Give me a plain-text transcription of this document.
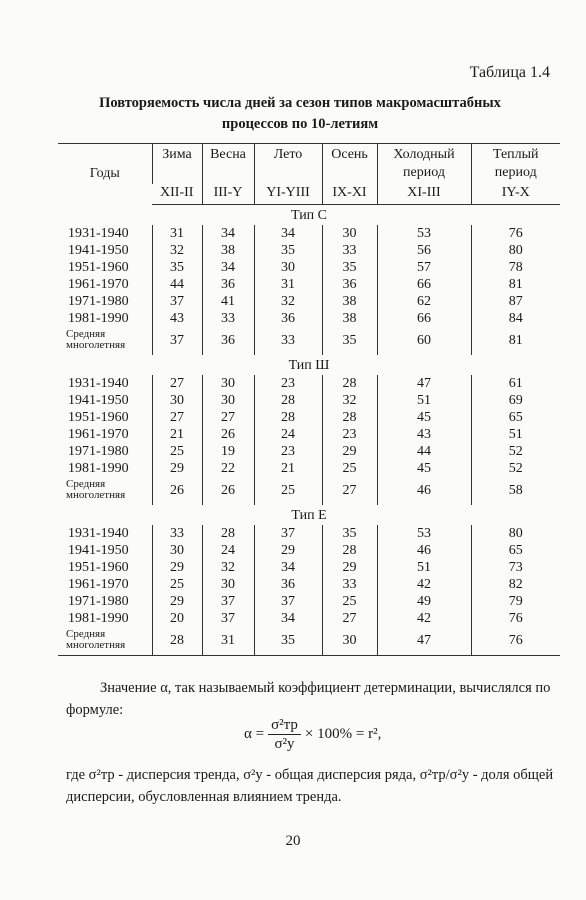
Таблица 1.4
Повторяемость числа дней за сезон типов макромасштабных
процессов по 10-летиям
Годы	Зима	Весна	Лето	Осень	Холодный
период	Теплый
период
	XII-II	III-Y	YI-YIII	IX-XI	XI-III	IY-X
Тип С						
1931-1940	31	34	34	30	53	76
1941-1950	32	38	35	33	56	80
1951-1960	35	34	30	35	57	78
1961-1970	44	36	31	36	66	81
1971-1980	37	41	32	38	62	87
1981-1990	43	33	36	38	66	84

Средняя
многолетняя	37	36	33	35	60	81
Тип Ш						
1931-1940	27	30	23	28	47	61
1941-1950	30	30	28	32	51	69
1951-1960	27	27	28	28	45	65
1961-1970	21	26	24	23	43	51
1971-1980	25	19	23	29	44	52
1981-1990	29	22	21	25	45	52

Средняя
многолетняя	26	26	25	27	46	58
Тип Е						
1931-1940	33	28	37	35	53	80
1941-1950	30	24	29	28	46	65
1951-1960	29	32	34	29	51	73
1961-1970	25	30	36	33	42	82
1971-1980	29	37	37	25	49	79
1981-1990	20	37	34	27	42	76

Средняя
многолетняя	28	31	35	30	47	76
Значение α, так называемый коэффициент детерминации, вычислялся по формуле:
$\alpha = \frac{\text{σ²тр}}{\text{σ²y}} \times 100\% = r^2$,
где σ²тр - дисперсия тренда, σ²y - общая дисперсия ряда, σ²тр/σ²y - доля общей дисперсии, обусловленная влиянием тренда.
20
